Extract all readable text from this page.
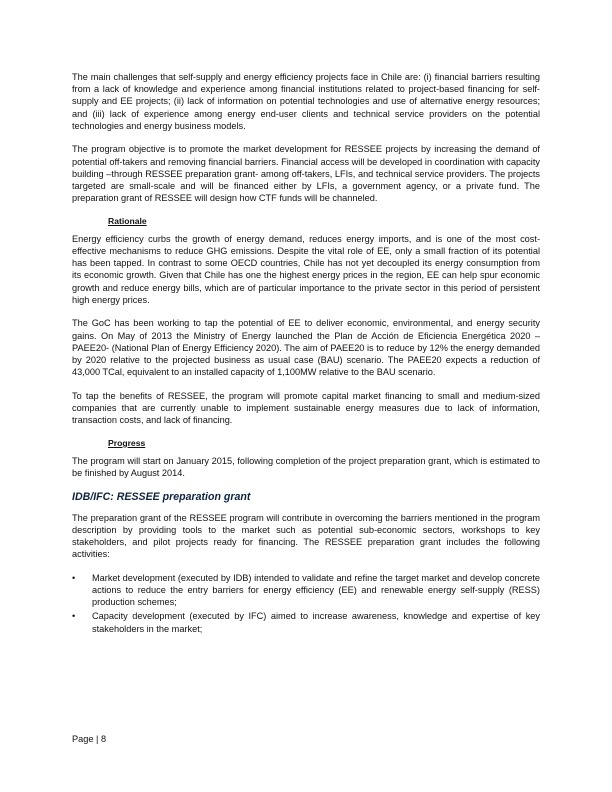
The main challenges that self-supply and energy efficiency projects face in Chile are: (i) financial barriers resulting from a lack of knowledge and experience among financial institutions related to project-based financing for self-supply and EE projects; (ii) lack of information on potential technologies and use of alternative energy resources; and (iii) lack of experience among energy end-user clients and technical service providers on the potential technologies and energy business models.

The program objective is to promote the market development for RESSEE projects by increasing the demand of potential off-takers and removing financial barriers. Financial access will be developed in coordination with capacity building –through RESSEE preparation grant- among off-takers, LFIs, and technical service providers. The projects targeted are small-scale and will be financed either by LFIs, a government agency, or a private fund. The preparation grant of RESSEE will design how CTF funds will be channeled.

Rationale

Energy efficiency curbs the growth of energy demand, reduces energy imports, and is one of the most cost-effective mechanisms to reduce GHG emissions. Despite the vital role of EE, only a small fraction of its potential has been tapped. In contrast to some OECD countries, Chile has not yet decoupled its energy consumption from its economic growth. Given that Chile has one the highest energy prices in the region, EE can help spur economic growth and reduce energy bills, which are of particular importance to the private sector in this period of persistent high energy prices.

The GoC has been working to tap the potential of EE to deliver economic, environmental, and energy security gains. On May of 2013 the Ministry of Energy launched the Plan de Acción de Eficiencia Energética 2020 –PAEE20- (National Plan of Energy Efficiency 2020). The aim of PAEE20 is to reduce by 12% the energy demanded by 2020 relative to the projected business as usual case (BAU) scenario. The PAEE20 expects a reduction of 43,000 TCal, equivalent to an installed capacity of 1,100MW relative to the BAU scenario.

To tap the benefits of RESSEE, the program will promote capital market financing to small and medium-sized companies that are currently unable to implement sustainable energy measures due to lack of information, transaction costs, and lack of financing.

Progress

The program will start on January 2015, following completion of the project preparation grant, which is estimated to be finished by August 2014.

IDB/IFC: RESSEE preparation grant

The preparation grant of the RESSEE program will contribute in overcoming the barriers mentioned in the program description by providing tools to the market such as potential sub-economic sectors, workshops to key stakeholders, and pilot projects ready for financing. The RESSEE preparation grant includes the following activities:

• Market development (executed by IDB) intended to validate and refine the target market and develop concrete actions to reduce the entry barriers for energy efficiency (EE) and renewable energy self-supply (RESS) production schemes;
• Capacity development (executed by IFC) aimed to increase awareness, knowledge and expertise of key stakeholders in the market;
Page | 8
